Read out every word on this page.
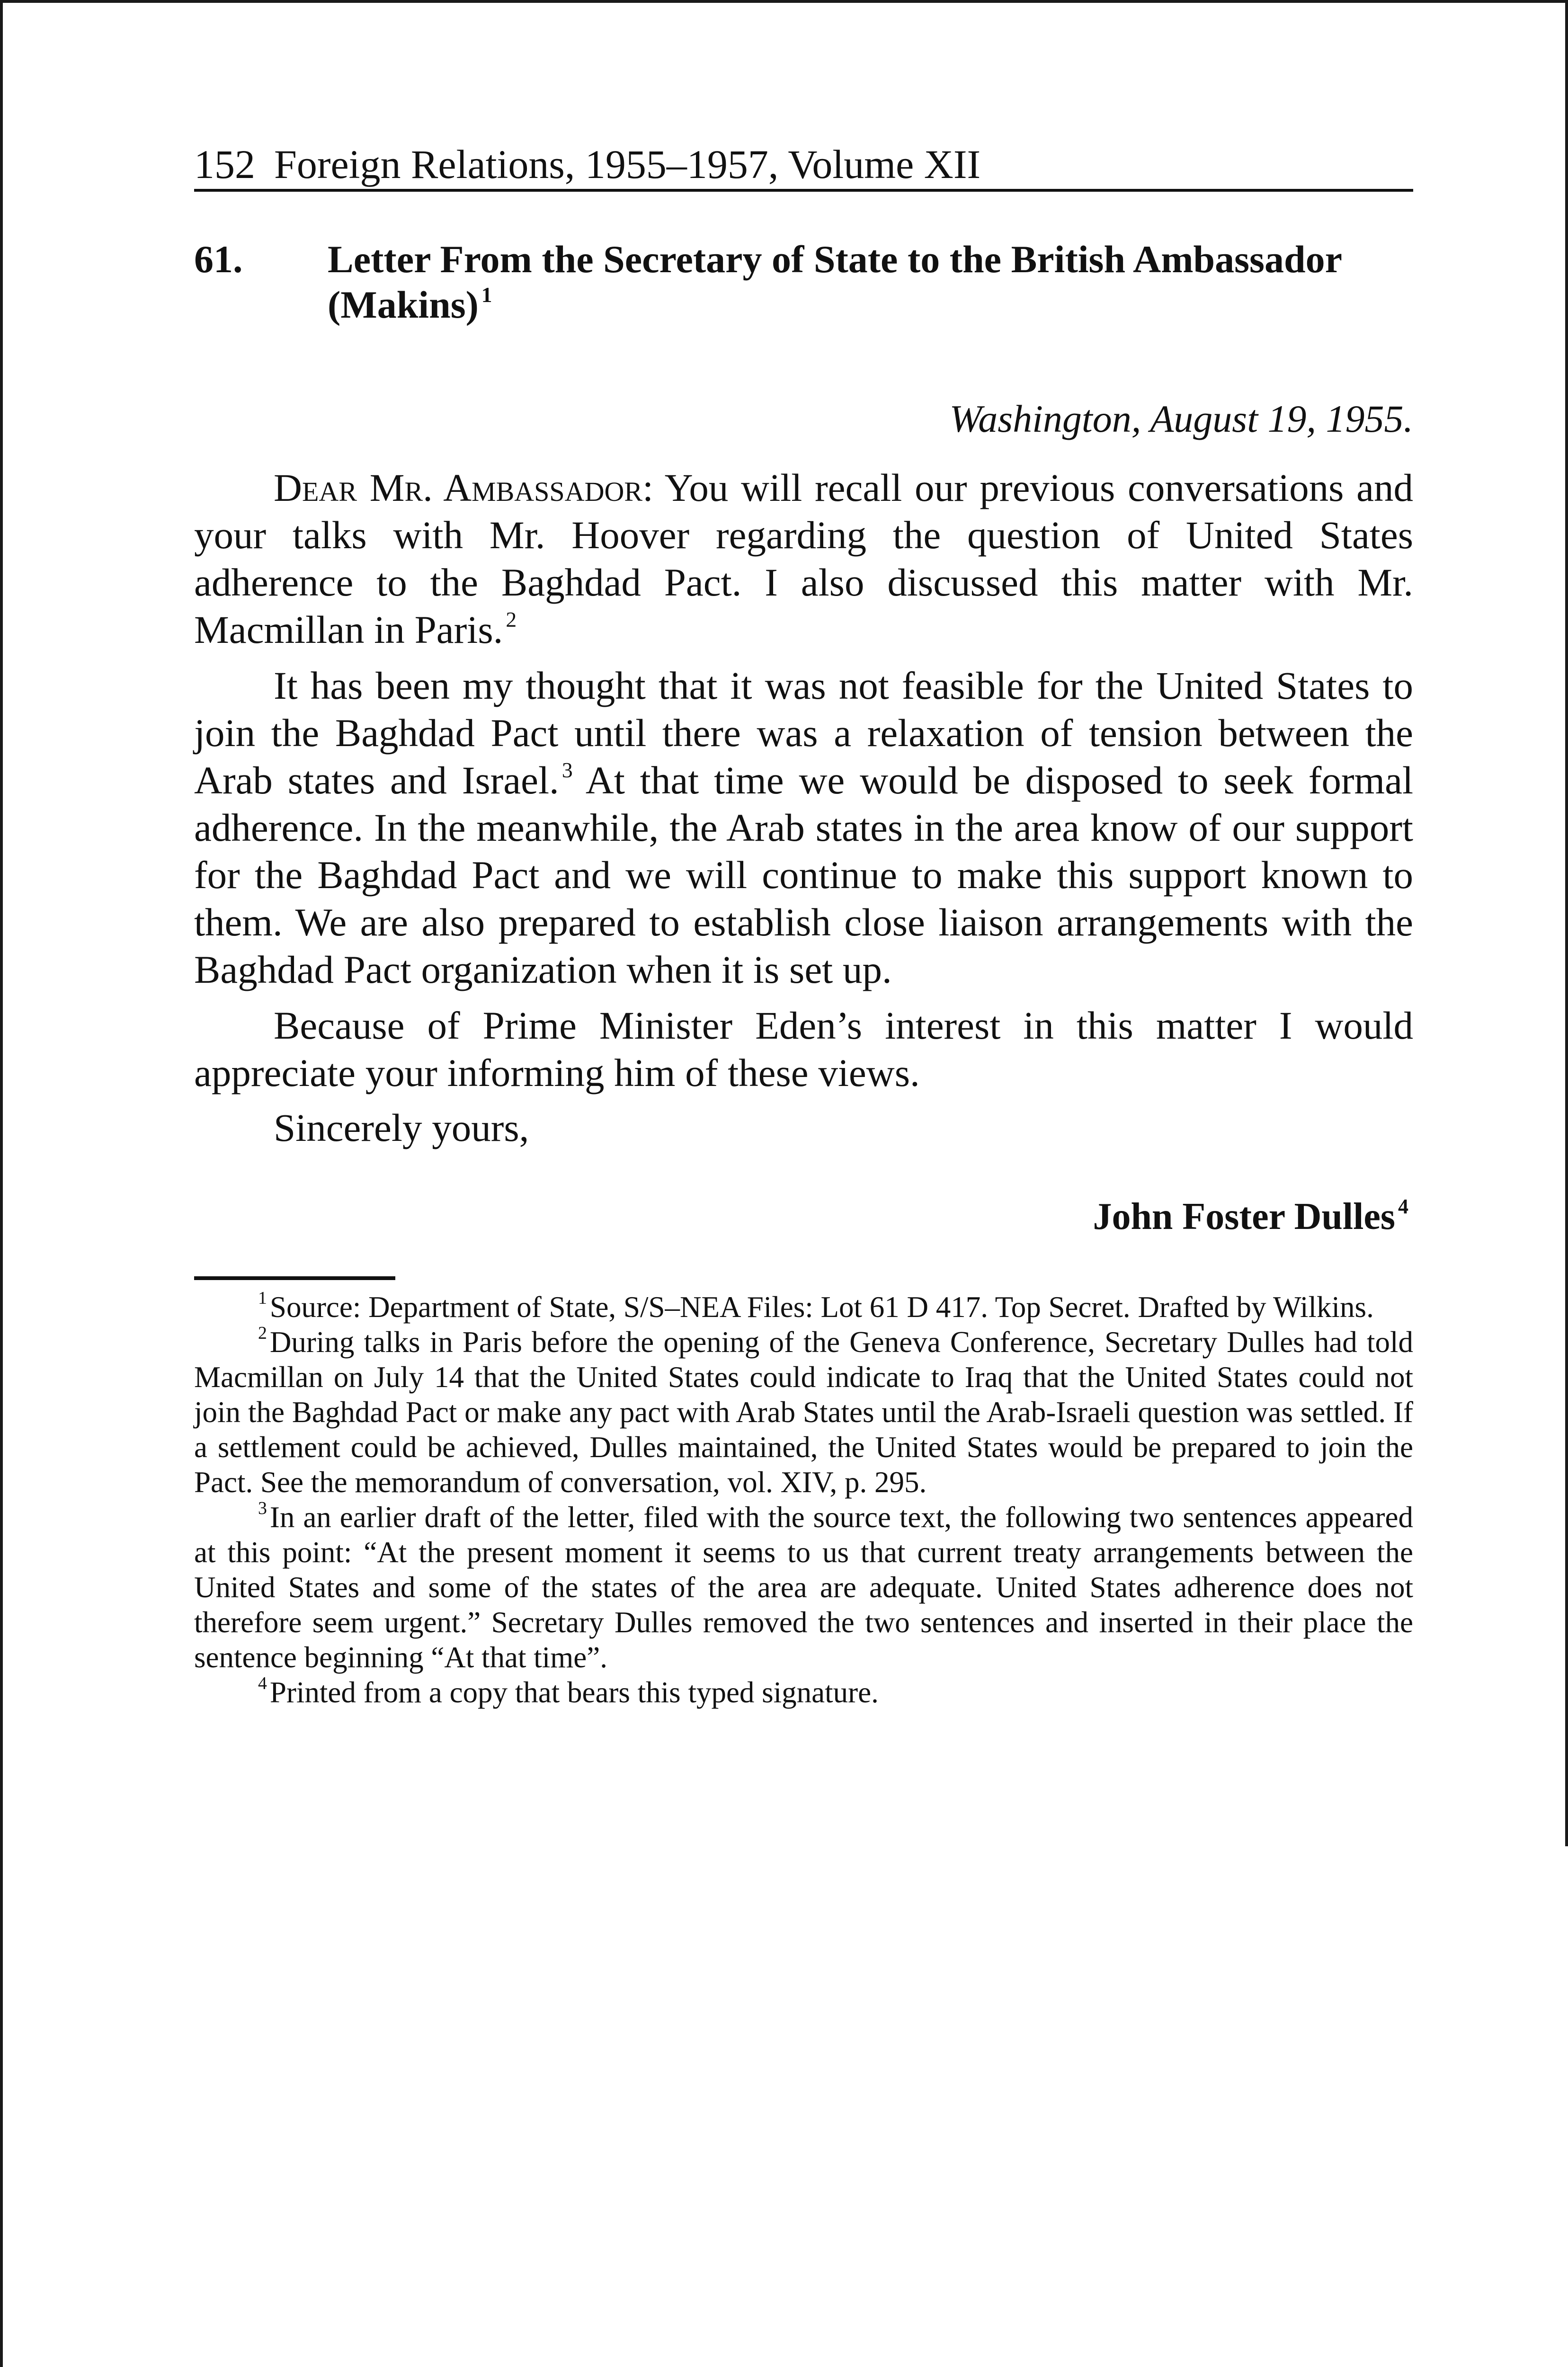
152 Foreign Relations, 1955–1957, Volume XII
61.	Letter From the Secretary of State to the British Ambassador (Makins) $^1$
Washington, August 19, 1955.

Dear Mr. Ambassador: You will recall our previous conversations and your talks with Mr. Hoover regarding the question of United States adherence to the Baghdad Pact. I also discussed this matter with Mr. Macmillan in Paris. $^2$

It has been my thought that it was not feasible for the United States to join the Baghdad Pact until there was a relaxation of tension between the Arab states and Israel. $^3$ At that time we would be disposed to seek formal adherence. In the meanwhile, the Arab states in the area know of our support for the Baghdad Pact and we will continue to make this support known to them. We are also prepared to establish close liaison arrangements with the Baghdad Pact organization when it is set up.

Because of Prime Minister Eden’s interest in this matter I would appreciate your informing him of these views.

Sincerely yours,
John Foster Dulles $^4$

$^1$Source: Department of State, S/S–NEA Files: Lot 61 D 417. Top Secret. Drafted by Wilkins.

$^2$During talks in Paris before the opening of the Geneva Conference, Secretary Dulles had told Macmillan on July 14 that the United States could indicate to Iraq that the United States could not join the Baghdad Pact or make any pact with Arab States until the Arab-Israeli question was settled. If a settlement could be achieved, Dulles maintained, the United States would be prepared to join the Pact. See the memorandum of conversation, vol. XIV, p. 295.

$^3$In an earlier draft of the letter, filed with the source text, the following two sentences appeared at this point: “At the present moment it seems to us that current treaty arrangements between the United States and some of the states of the area are adequate. United States adherence does not therefore seem urgent.” Secretary Dulles removed the two sentences and inserted in their place the sentence beginning “At that time”.

$^4$Printed from a copy that bears this typed signature.
